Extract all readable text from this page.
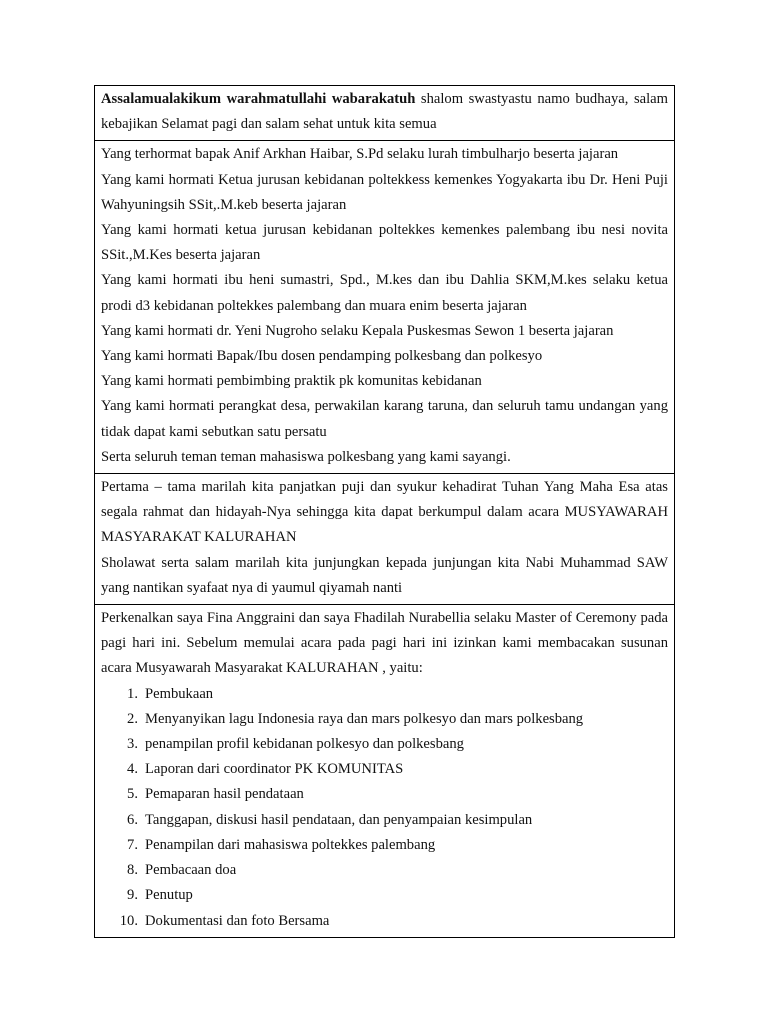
Assalamualakikum warahmatullahi wabarakatuh shalom swastyastu namo budhaya, salam kebajikan Selamat pagi dan salam sehat untuk kita semua

Yang terhormat bapak Anif Arkhan Haibar, S.Pd selaku lurah timbulharjo beserta jajaran

Yang kami hormati Ketua jurusan kebidanan poltekkess kemenkes Yogyakarta ibu Dr. Heni Puji Wahyuningsih SSit,.M.keb beserta jajaran

Yang kami hormati ketua jurusan kebidanan poltekkes kemenkes palembang ibu nesi novita SSit.,M.Kes beserta jajaran

Yang kami hormati ibu heni sumastri, Spd., M.kes dan ibu Dahlia SKM,M.kes selaku ketua prodi d3 kebidanan poltekkes palembang dan muara enim beserta jajaran

Yang kami hormati dr. Yeni Nugroho selaku Kepala Puskesmas Sewon 1 beserta jajaran

Yang kami hormati Bapak/Ibu dosen pendamping polkesbang dan polkesyo

Yang kami hormati pembimbing praktik pk komunitas kebidanan

Yang kami hormati perangkat desa, perwakilan karang taruna, dan seluruh tamu undangan yang tidak dapat kami sebutkan satu persatu

Serta seluruh teman teman mahasiswa polkesbang yang kami sayangi.

Pertama – tama marilah kita panjatkan puji dan syukur kehadirat Tuhan Yang Maha Esa atas segala rahmat dan hidayah-Nya sehingga kita dapat berkumpul dalam acara MUSYAWARAH MASYARAKAT KALURAHAN

Sholawat serta salam marilah kita junjungkan kepada junjungan kita Nabi Muhammad SAW yang nantikan syafaat nya di yaumul qiyamah nanti

Perkenalkan saya Fina Anggraini dan saya Fhadilah Nurabellia selaku Master of Ceremony pada pagi hari ini. Sebelum memulai acara pada pagi hari ini izinkan kami membacakan susunan acara Musyawarah Masyarakat KALURAHAN , yaitu:

1. Pembukaan
2. Menyanyikan lagu Indonesia raya dan mars polkesyo dan mars polkesbang
3. penampilan profil kebidanan polkesyo dan polkesbang
4. Laporan dari coordinator PK KOMUNITAS
5. Pemaparan hasil pendataan
6. Tanggapan, diskusi hasil pendataan, dan penyampaian kesimpulan
7. Penampilan dari mahasiswa poltekkes palembang
8. Pembacaan doa
9. Penutup
10. Dokumentasi dan foto Bersama
